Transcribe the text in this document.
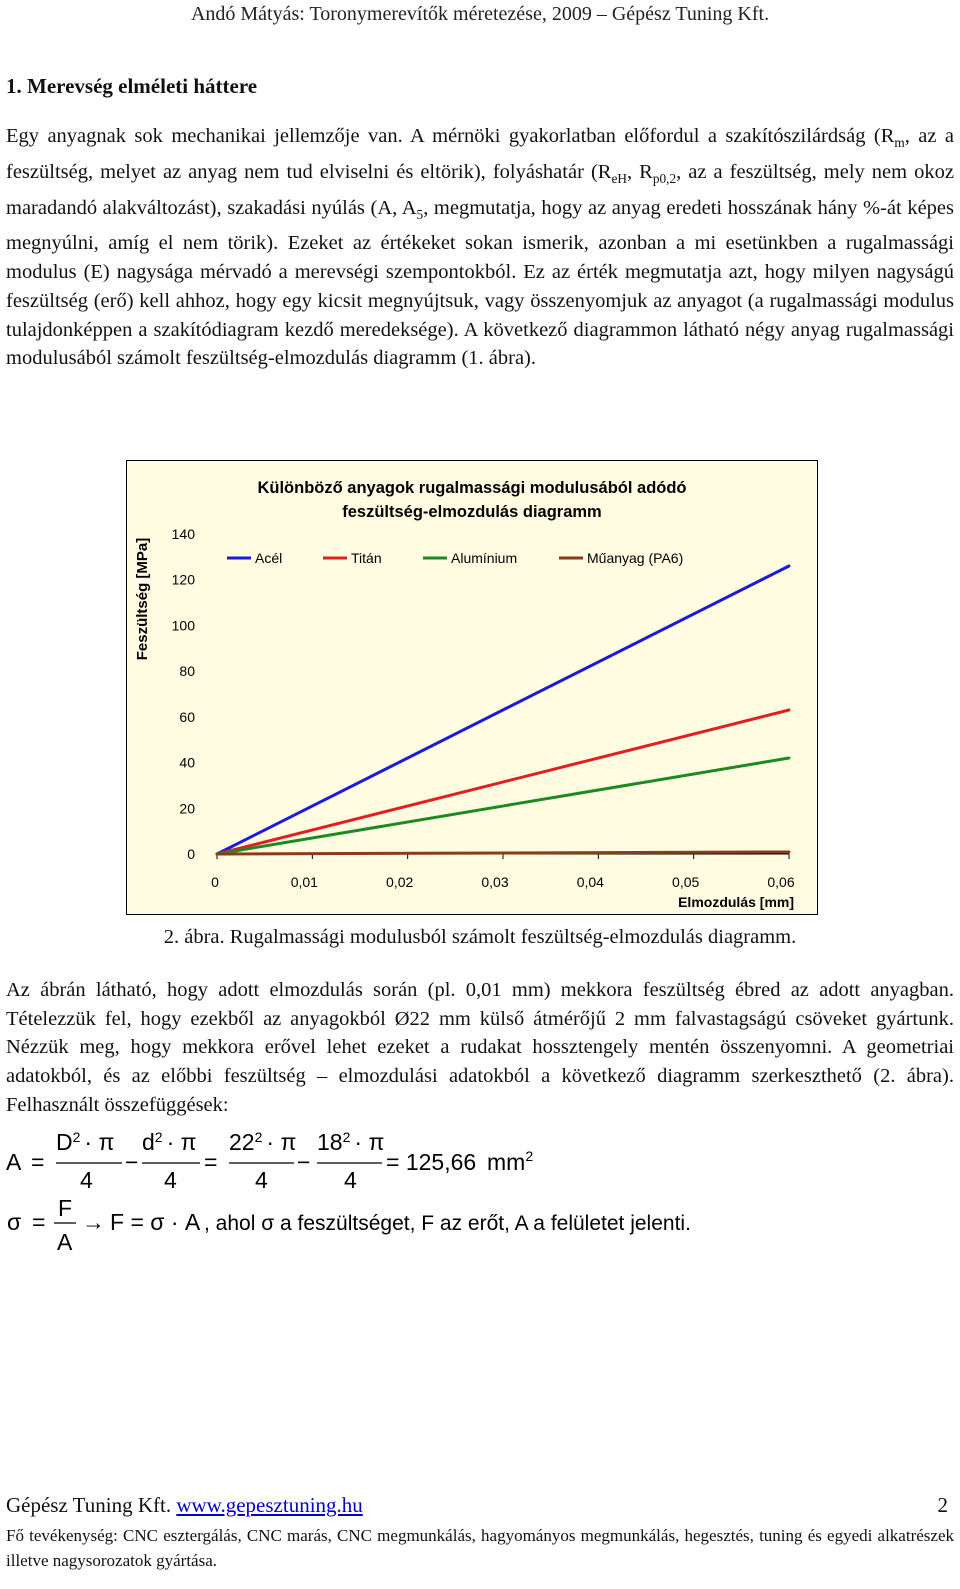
Andó Mátyás: Toronymerevítők méretezése, 2009 – Gépész Tuning Kft.
1. Merevség elméleti háttere
Egy anyagnak sok mechanikai jellemzője van. A mérnöki gyakorlatban előfordul a szakítószilárdság ($R_m$, az a feszültség, melyet az anyag nem tud elviselni és eltörik), folyáshatár ($R_{eH}$, $R_{p0,2}$, az a feszültség, mely nem okoz maradandó alakváltozást), szakadási nyúlás (A, $A_5$, megmutatja, hogy az anyag eredeti hosszának hány %-át képes megnyúlni, amíg el nem törik). Ezeket az értékeket sokan ismerik, azonban a mi esetünkben a rugalmassági modulus (E) nagysága mérvadó a merevségi szempontokból. Ez az érték megmutatja azt, hogy milyen nagyságú feszültség (erő) kell ahhoz, hogy egy kicsit megnyújtsuk, vagy összenyomjuk az anyagot (a rugalmassági modulus tulajdonképpen a szakítódiagram kezdő meredeksége). A következő diagrammon látható négy anyag rugalmassági modulusából számolt feszültség-elmozdulás diagramm (1. ábra).
Különböző anyagok rugalmassági modulusából adódó
feszültség-elmozdulás diagramm
Feszültség [MPa]
Elmozdulás [mm]
0
20
40
60
80
100
120
140
0	0,01	0,02	0,03	0,04	0,05	0,06
Acél	Titán	Alumínium	Műanyag (PA6)
2. ábra. Rugalmassági modulusból számolt feszültség-elmozdulás diagramm.
Az ábrán látható, hogy adott elmozdulás során (pl. 0,01 mm) mekkora feszültség ébred az adott anyagban. Tételezzük fel, hogy ezekből az anyagokból Ø22 mm külső átmérőjű 2 mm falvastagságú csöveket gyártunk. Nézzük meg, hogy mekkora erővel lehet ezeket a rudakat hossztengely mentén összenyomni. A geometriai adatokból, és az előbbi feszültség – elmozdulási adatokból a következő diagramm szerkeszthető (2. ábra). Felhasznált összefüggések:
A =
$D^2 \cdot \pi$
4
−
$d^2 \cdot \pi$
4
=
$22^2 \cdot \pi$
4
−
$18^2 \cdot \pi$
4
= 125,66 $mm^2$
σ =
F
A
→ F = σ · A , ahol σ a feszültséget, F az erőt, A a felületet jelenti.
Gépész Tuning Kft. www.gepesztuning.hu	2
Fő tevékenység: CNC esztergálás, CNC marás, CNC megmunkálás, hagyományos megmunkálás, hegesztés, tuning és egyedi alkatrészek illetve nagysorozatok gyártása.
